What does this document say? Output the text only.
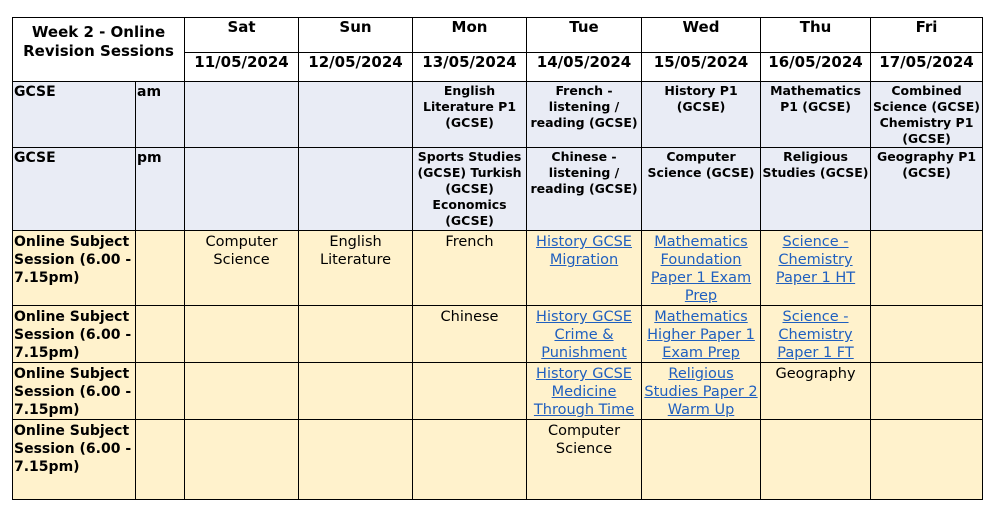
Week 2 - Online Revision Sessions		Sat	Sun	Mon	Tue	Wed	Thu	Fri
		11/05/2024	12/05/2024	13/05/2024	14/05/2024	15/05/2024	16/05/2024	17/05/2024
GCSE	am			English Literature P1 (GCSE)	French - listening / reading (GCSE)	History P1 (GCSE)	Mathematics P1 (GCSE)	Combined Science (GCSE) Chemistry P1 (GCSE)
GCSE	pm			Sports Studies (GCSE) Turkish (GCSE) Economics (GCSE)	Chinese - listening / reading (GCSE)	Computer Science (GCSE)	Religious Studies (GCSE)	Geography P1 (GCSE)
Online Subject Session (6.00 - 7.15pm)		Computer Science	English Literature	French	History GCSE Migration	Mathematics Foundation Paper 1 Exam Prep	Science - Chemistry Paper 1 HT	
Online Subject Session (6.00 - 7.15pm)				Chinese	History GCSE Crime & Punishment	Mathematics Higher Paper 1 Exam Prep	Science - Chemistry Paper 1 FT	
Online Subject Session (6.00 - 7.15pm)					History GCSE Medicine Through Time	Religious Studies Paper 2 Warm Up	Geography	
Online Subject Session (6.00 - 7.15pm)					Computer Science			
